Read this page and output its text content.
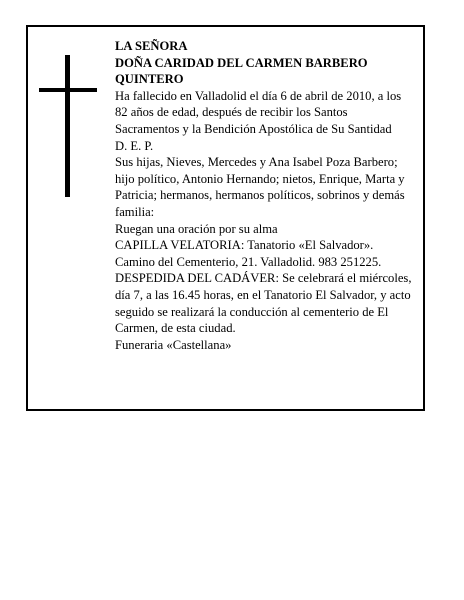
LA SEÑORA

DOÑA CARIDAD DEL CARMEN BARBERO QUINTERO

Ha fallecido en Valladolid el día 6 de abril de 2010, a los 82 años de edad, después de recibir los Santos Sacramentos y la Bendición Apostólica de Su Santidad

D. E. P.

Sus hijas, Nieves, Mercedes y Ana Isabel Poza Barbero; hijo político, Antonio Hernando; nietos, Enrique, Marta y Patricia; hermanos, hermanos políticos, sobrinos y demás familia:

Ruegan una oración por su alma

CAPILLA VELATORIA: Tanatorio «El Salvador».

Camino del Cementerio, 21. Valladolid. 983 251225.

DESPEDIDA DEL CADÁVER: Se celebrará el miércoles, día 7, a las 16.45 horas, en el Tanatorio El Salvador, y acto seguido se realizará la conducción al cementerio de El Carmen, de esta ciudad.

Funeraria «Castellana»
